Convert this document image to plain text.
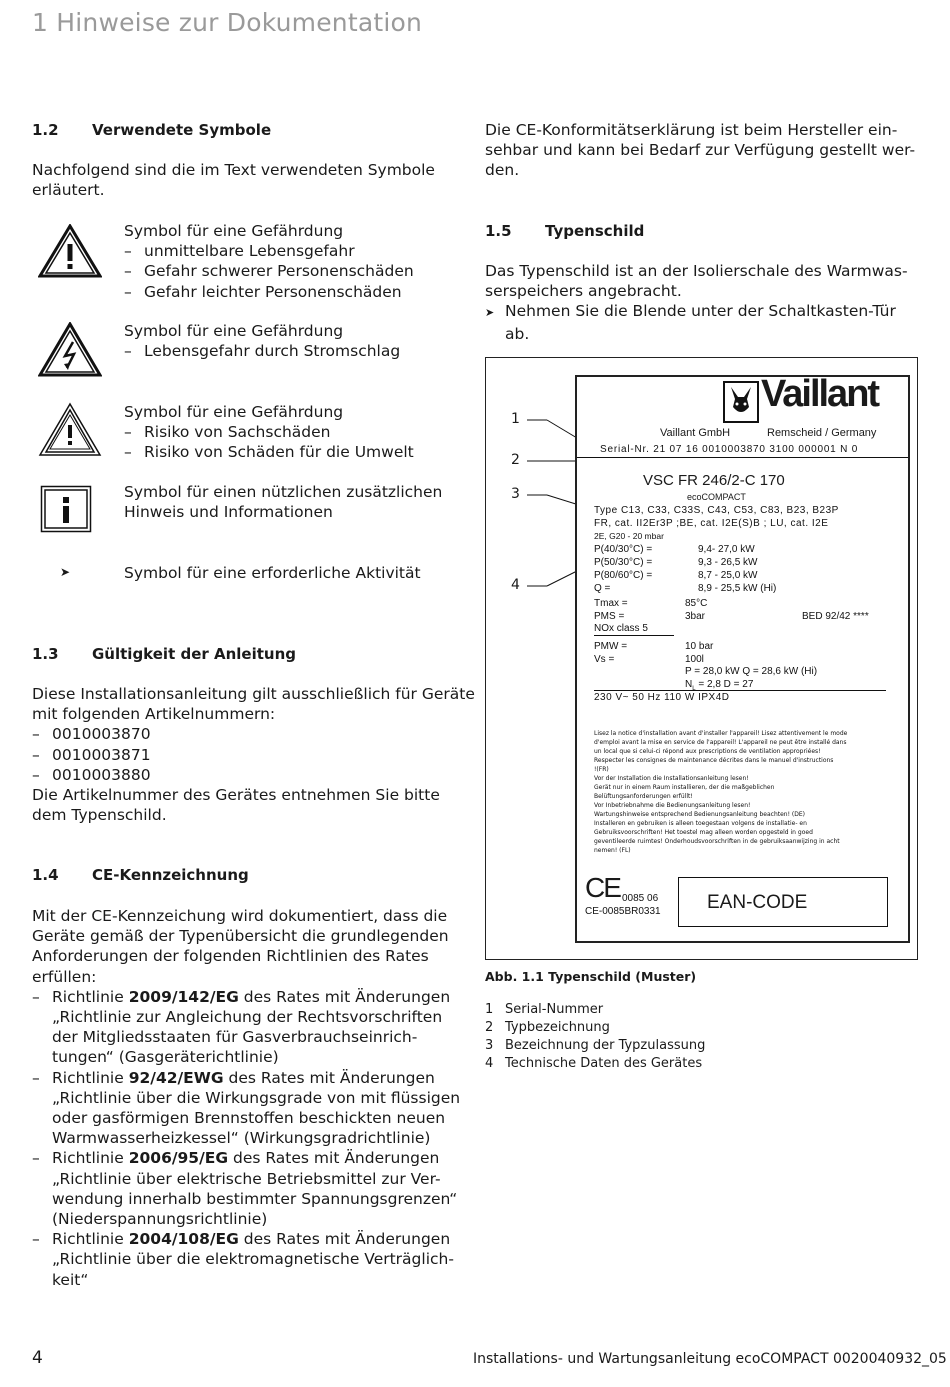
1 Hinweise zur Dokumentation
1.2 Verwendete Symbole
Nachfolgend sind die im Text verwendeten Symbole
erläutert.
Symbol für eine Gefährdung
– unmittelbare Lebensgefahr
– Gefahr schwerer Personenschäden
– Gefahr leichter Personenschäden
Symbol für eine Gefährdung
– Lebensgefahr durch Stromschlag
Symbol für eine Gefährdung
– Risiko von Sachschäden
– Risiko von Schäden für die Umwelt
Symbol für einen nützlichen zusätzlichen
Hinweis und Informationen
➤	Symbol für eine erforderliche Aktivität
1.3 Gültigkeit der Anleitung
Diese Installationsanleitung gilt ausschließlich für Geräte
mit folgenden Artikelnummern:
– 0010003870
– 0010003871
– 0010003880
Die Artikelnummer des Gerätes entnehmen Sie bitte
dem Typenschild.
1.4 CE-Kennzeichnung
Mit der CE-Kennzeichung wird dokumentiert, dass die
Geräte gemäß der Typenübersicht die grundlegenden
Anforderungen der folgenden Richtlinien des Rates
erfüllen:
– Richtlinie 2009/142/EG des Rates mit Änderungen
„Richtlinie zur Angleichung der Rechtsvorschriften
der Mitgliedsstaaten für Gasverbrauchseinrich-
tungen“ (Gasgeräterichtlinie)
– Richtlinie 92/42/EWG des Rates mit Änderungen
„Richtlinie über die Wirkungsgrade von mit flüssigen
oder gasförmigen Brennstoffen beschickten neuen
Warmwasserheizkessel“ (Wirkungsgradrichtlinie)
– Richtlinie 2006/95/EG des Rates mit Änderungen
„Richtlinie über elektrische Betriebsmittel zur Ver-
wendung innerhalb bestimmter Spannungsgrenzen“
(Niederspannungsrichtlinie)
– Richtlinie 2004/108/EG des Rates mit Änderungen
„Richtlinie über die elektromagnetische Verträglich-
keit“
Die CE-Konformitätserklärung ist beim Hersteller ein-
sehbar und kann bei Bedarf zur Verfügung gestellt wer-
den.
1.5 Typenschild
Das Typenschild ist an der Isolierschale des Warmwas-
serspeichers angebracht.
➤ Nehmen Sie die Blende unter der Schaltkasten-Tür
ab.
1
2
3
4
Vaillant
Vaillant GmbH	Remscheid / Germany
Serial-Nr. 21 07 16 0010003870 3100 000001 N 0
VSC FR 246/2-C 170
ecoCOMPACT
Type C13, C33, C33S, C43, C53, C83, B23, B23P
FR, cat. II2Er3P ;BE, cat. I2E(S)B ; LU, cat. I2E
2E, G20 - 20 mbar
P(40/30°C) =	9,4- 27,0 kW
P(50/30°C) =	9,3 - 26,5 kW
P(80/60°C) =	8,7 - 25,0 kW
Q =	8,9 - 25,5 kW (Hi)
Tmax =	85°C
PMS =	3bar	BED 92/42 ****
NOx class 5
PMW =	10 bar
Vs =	100l
P = 28,0 kW Q = 28,6 kW (Hi)
$N_L = 2,8$ D = 27
230 V~ 50 Hz 110 W IPX4D
Lisez la notice d'installation avant d'installer l'appareil! Lisez attentivement le mode
d'emploi avant la mise en service de l'appareil! L'appareil ne peut être installé dans
un local que si celui-ci répond aux prescriptions de ventilation appropriées!
Respecter les consignes de maintenance décrites dans le manuel d'instructions
!(FR)
Vor der Installation die Installationsanleitung lesen!
Gerät nur in einem Raum installieren, der die maßgeblichen
Belüftungsanforderungen erfüllt!
Vor Inbetriebnahme die Bedienungsanleitung lesen!
Wartungshinweise entsprechend Bedienungsanleitung beachten! (DE)
Installeren en gebruiken is alleen toegestaan volgens de installatie- en
Gebruiksvoorschriften! Het toestel mag alleen worden opgesteld in goed
geventileerde ruimtes! Onderhoudsvoorschriften in de gebruiksaanwijzing in acht
nemen! (FL)
CE 0085 06
CE-0085BR0331 EAN-CODE
Abb. 1.1 Typenschild (Muster)
1 Serial-Nummer
2 Typbezeichnung
3 Bezeichnung der Typzulassung
4 Technische Daten des Gerätes
4	Installations- und Wartungsanleitung ecoCOMPACT 0020040932_05
